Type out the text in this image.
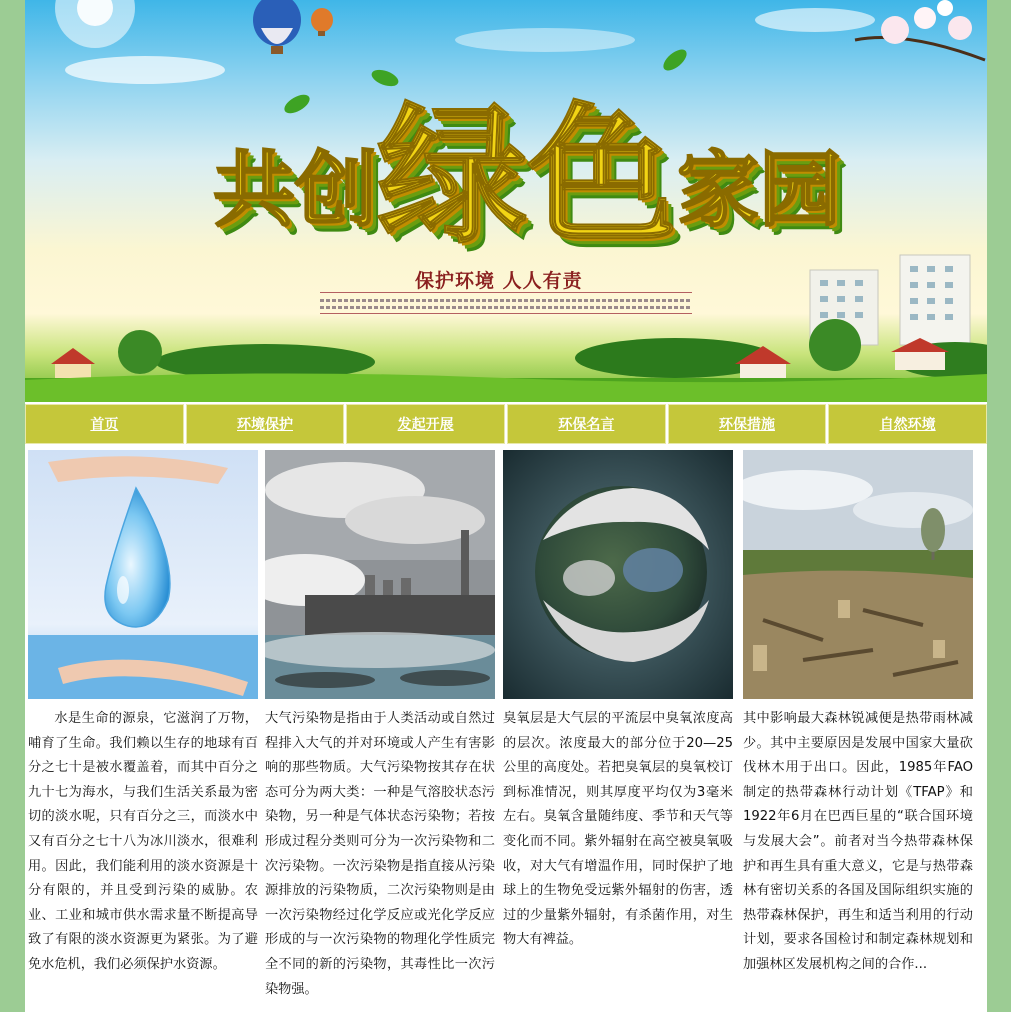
共 创 绿色 家 园
保护环境 人人有责
首页	环境保护	发起开展	环保名言	环保措施	自然环境
水是生命的源泉，它滋润了万物，哺育了生命。我们赖以生存的地球有百分之七十是被水覆盖着，而其中百分之九十七为海水，与我们生活关系最为密切的淡水呢，只有百分之三，而淡水中又有百分之七十八为冰川淡水，很难利用。因此，我们能利用的淡水资源是十分有限的，并且受到污染的威胁。农业、工业和城市供水需求量不断提高导致了有限的淡水资源更为紧张。为了避免水危机，我们必须保护水资源。
大气污染物是指由于人类活动或自然过程排入大气的并对环境或人产生有害影响的那些物质。大气污染物按其存在状态可分为两大类：一种是气溶胶状态污染物，另一种是气体状态污染物；若按形成过程分类则可分为一次污染物和二次污染物。一次污染物是指直接从污染源排放的污染物质，二次污染物则是由一次污染物经过化学反应或光化学反应形成的与一次污染物的物理化学性质完全不同的新的污染物，其毒性比一次污染物强。
臭氧层是大气层的平流层中臭氧浓度高的层次。浓度最大的部分位于20—25公里的高度处。若把臭氧层的臭氧校订到标准情况，则其厚度平均仅为3毫米左右。臭氧含量随纬度、季节和天气等变化而不同。紫外辐射在高空被臭氧吸收，对大气有增温作用，同时保护了地球上的生物免受远紫外辐射的伤害，透过的少量紫外辐射，有杀菌作用，对生物大有裨益。
其中影响最大森林锐减便是热带雨林减少。其中主要原因是发展中国家大量砍伐林木用于出口。因此，1985年FAO制定的热带森林行动计划《TFAP》和1922年6月在巴西巨星的“联合国环境与发展大会”。前者对当今热带森林保护和再生具有重大意义，它是与热带森林有密切关系的各国及国际组织实施的热带森林保护，再生和适当利用的行动计划，要求各国检讨和制定森林规划和加强林区发展机构之间的合作...
